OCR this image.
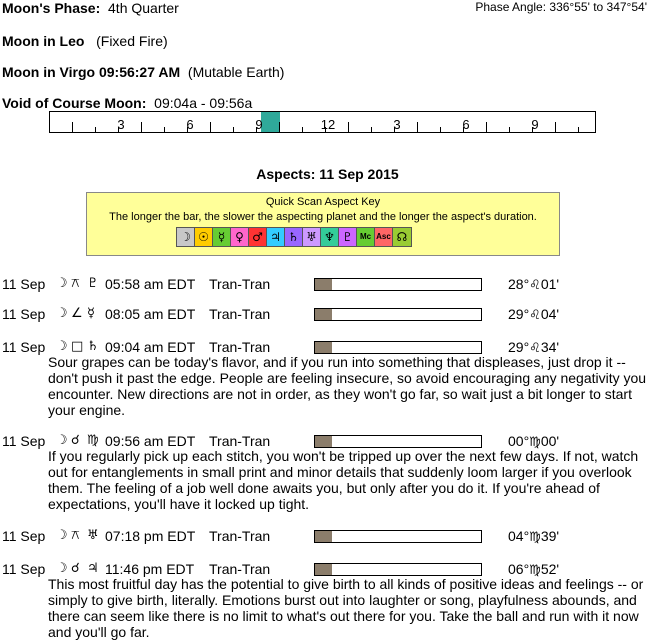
Moon's Phase: 4th Quarter	Phase Angle: 336°55' to 347°54'
Moon in Leo (Fixed Fire)
Moon in Virgo 09:56:27 AM (Mutable Earth)
Void of Course Moon: 09:04a - 09:56a
3	6	9	12	3	6	9
Aspects: 11 Sep 2015
Quick Scan Aspect Key
The longer the bar, the slower the aspecting planet and the longer the aspect's duration.
☽ ☉ ☿ ♀ ♂ ♃ ♄ ♅ ♆ ♇ Mc Asc ☊
11 Sep ☽ ⚻ ♇ 05:58 am EDT Tran-Tran	28°♌01'
11 Sep ☽ ∠ ☿ 08:05 am EDT Tran-Tran	29°♌04'
11 Sep ☽ □ ♄ 09:04 am EDT Tran-Tran	29°♌34'
Sour grapes can be today's flavor, and if you run into something that displeases, just drop it -- don't push it past the edge. People are feeling insecure, so avoid encouraging any negativity you encounter. New directions are not in order, as they won't go far, so wait just a bit longer to start your engine.
11 Sep ☽ ☌ ♍ 09:56 am EDT Tran-Tran	00°♍00'
If you regularly pick up each stitch, you won't be tripped up over the next few days. If not, watch out for entanglements in small print and minor details that suddenly loom larger if you overlook them. The feeling of a job well done awaits you, but only after you do it. If you're ahead of expectations, you'll have it locked up tight.
11 Sep ☽ ⚻ ♅ 07:18 pm EDT Tran-Tran	04°♍39'
11 Sep ☽ ☌ ♃ 11:46 pm EDT Tran-Tran	06°♍52'
This most fruitful day has the potential to give birth to all kinds of positive ideas and feelings -- or simply to give birth, literally. Emotions burst out into laughter or song, playfulness abounds, and there can seem like there is no limit to what's out there for you. Take the ball and run with it now and you'll go far.
